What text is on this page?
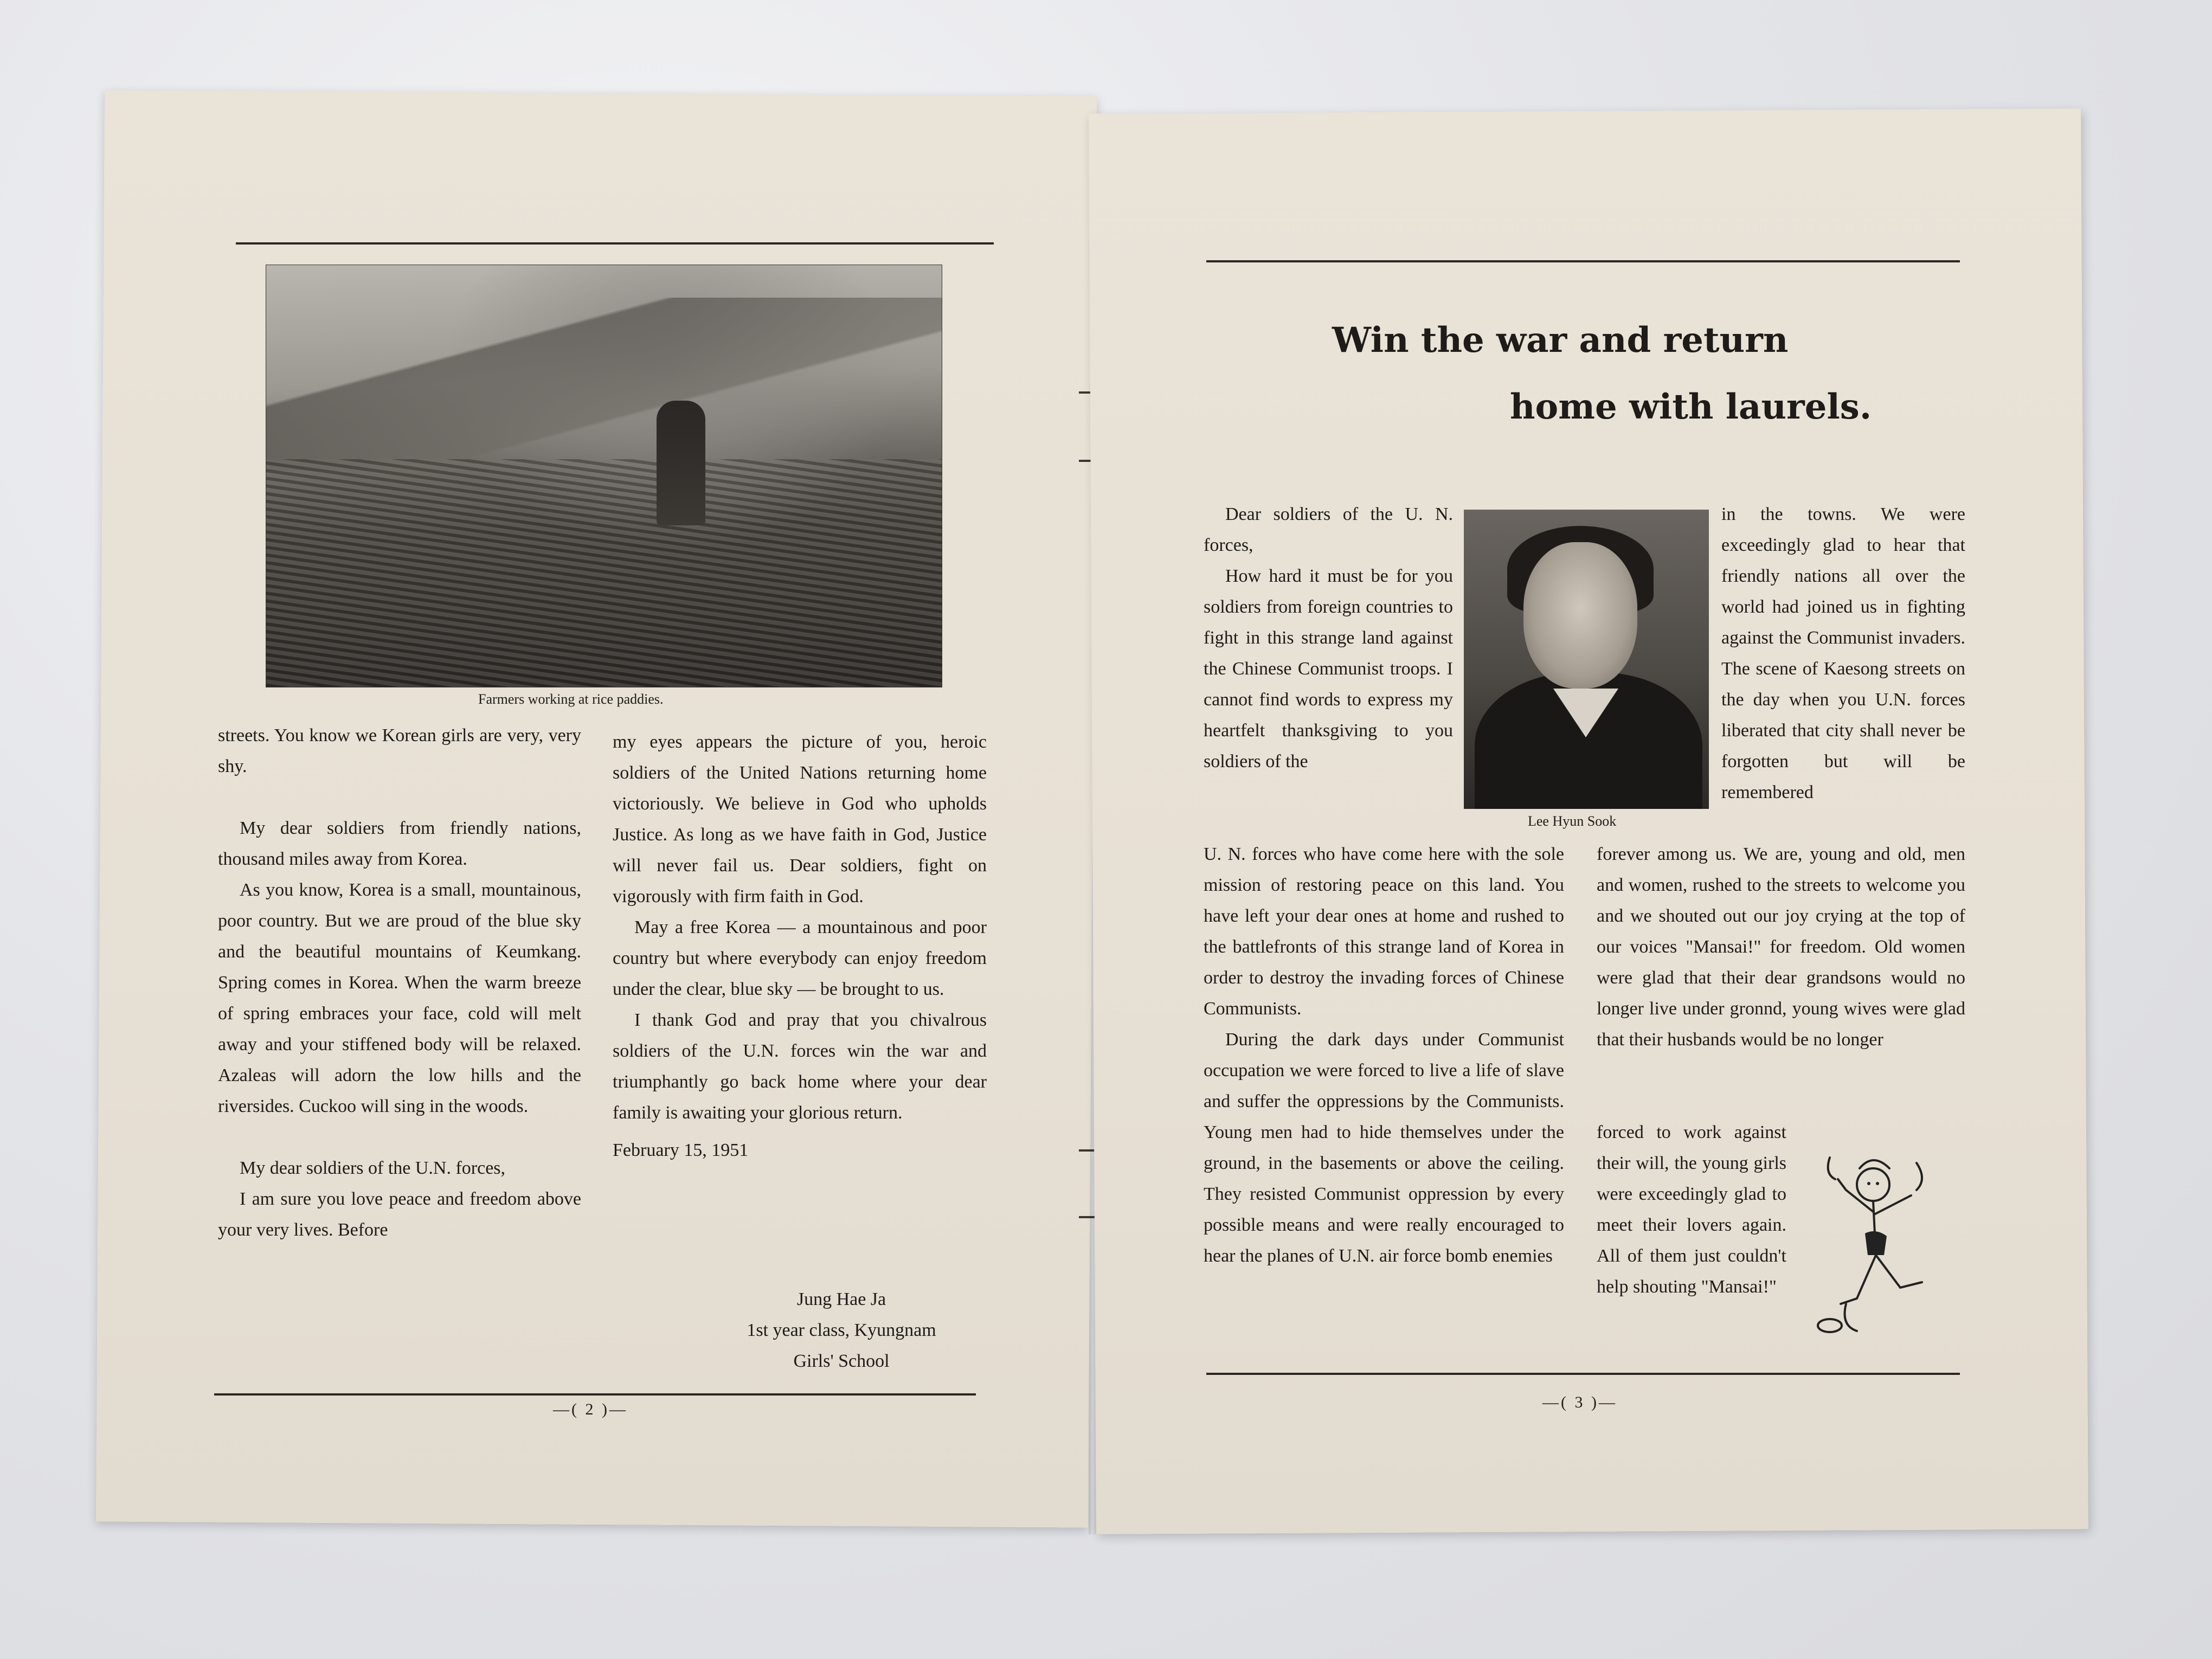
Farmers working at rice paddies.

streets. You know we Korean girls are very, very shy.

My dear soldiers from friendly nations, thousand miles away from Korea.

As you know, Korea is a small, mountainous, poor country. But we are proud of the blue sky and the beautiful mountains of Keumkang. Spring comes in Korea. When the warm breeze of spring embraces your face, cold will melt away and your stiffened body will be relaxed. Azaleas will adorn the low hills and the riversides. Cuckoo will sing in the woods.

My dear soldiers of the U.N. forces,

I am sure you love peace and freedom above your very lives. Before

my eyes appears the picture of you, heroic soldiers of the United Nations returning home victoriously. We believe in God who upholds Justice. As long as we have faith in God, Justice will never fail us. Dear soldiers, fight on vigorously with firm faith in God.

May a free Korea — a mountainous and poor country but where everybody can enjoy freedom under the clear, blue sky — be brought to us.

I thank God and pray that you chivalrous soldiers of the U.N. forces win the war and triumphantly go back home where your dear family is awaiting your glorious return.

February 15, 1951

Jung Hae Ja
1st year class, Kyungnam
Girls' School
—( 2 )—
Win the war and return
home with laurels.

Dear soldiers of the U. N. forces,

How hard it must be for you soldiers from foreign countries to fight in this strange land against the Chinese Communist troops. I cannot find words to express my heartfelt thanksgiving to you soldiers of the

Lee Hyun Sook

in the towns. We were exceedingly glad to hear that friendly nations all over the world had joined us in fighting against the Communist invaders. The scene of Kaesong streets on the day when you U.N. forces liberated that city shall never be forgotten but will be remembered

U. N. forces who have come here with the sole mission of restoring peace on this land. You have left your dear ones at home and rushed to the battlefronts of this strange land of Korea in order to destroy the invading forces of Chinese Communists.

During the dark days under Communist occupation we were forced to live a life of slave and suffer the oppressions by the Communists. Young men had to hide themselves under the ground, in the basements or above the ceiling. They resisted Communist oppression by every possible means and were really encouraged to hear the planes of U.N. air force bomb enemies

forever among us. We are, young and old, men and women, rushed to the streets to welcome you and we shouted out our joy crying at the top of our voices "Mansai!" for freedom. Old women were glad that their dear grandsons would no longer live under gronnd, young wives were glad that their husbands would be no longer

forced to work against their will, the young girls were exceedingly glad to meet their lovers again. All of them just couldn't help shouting "Mansai!"

—( 3 )—
